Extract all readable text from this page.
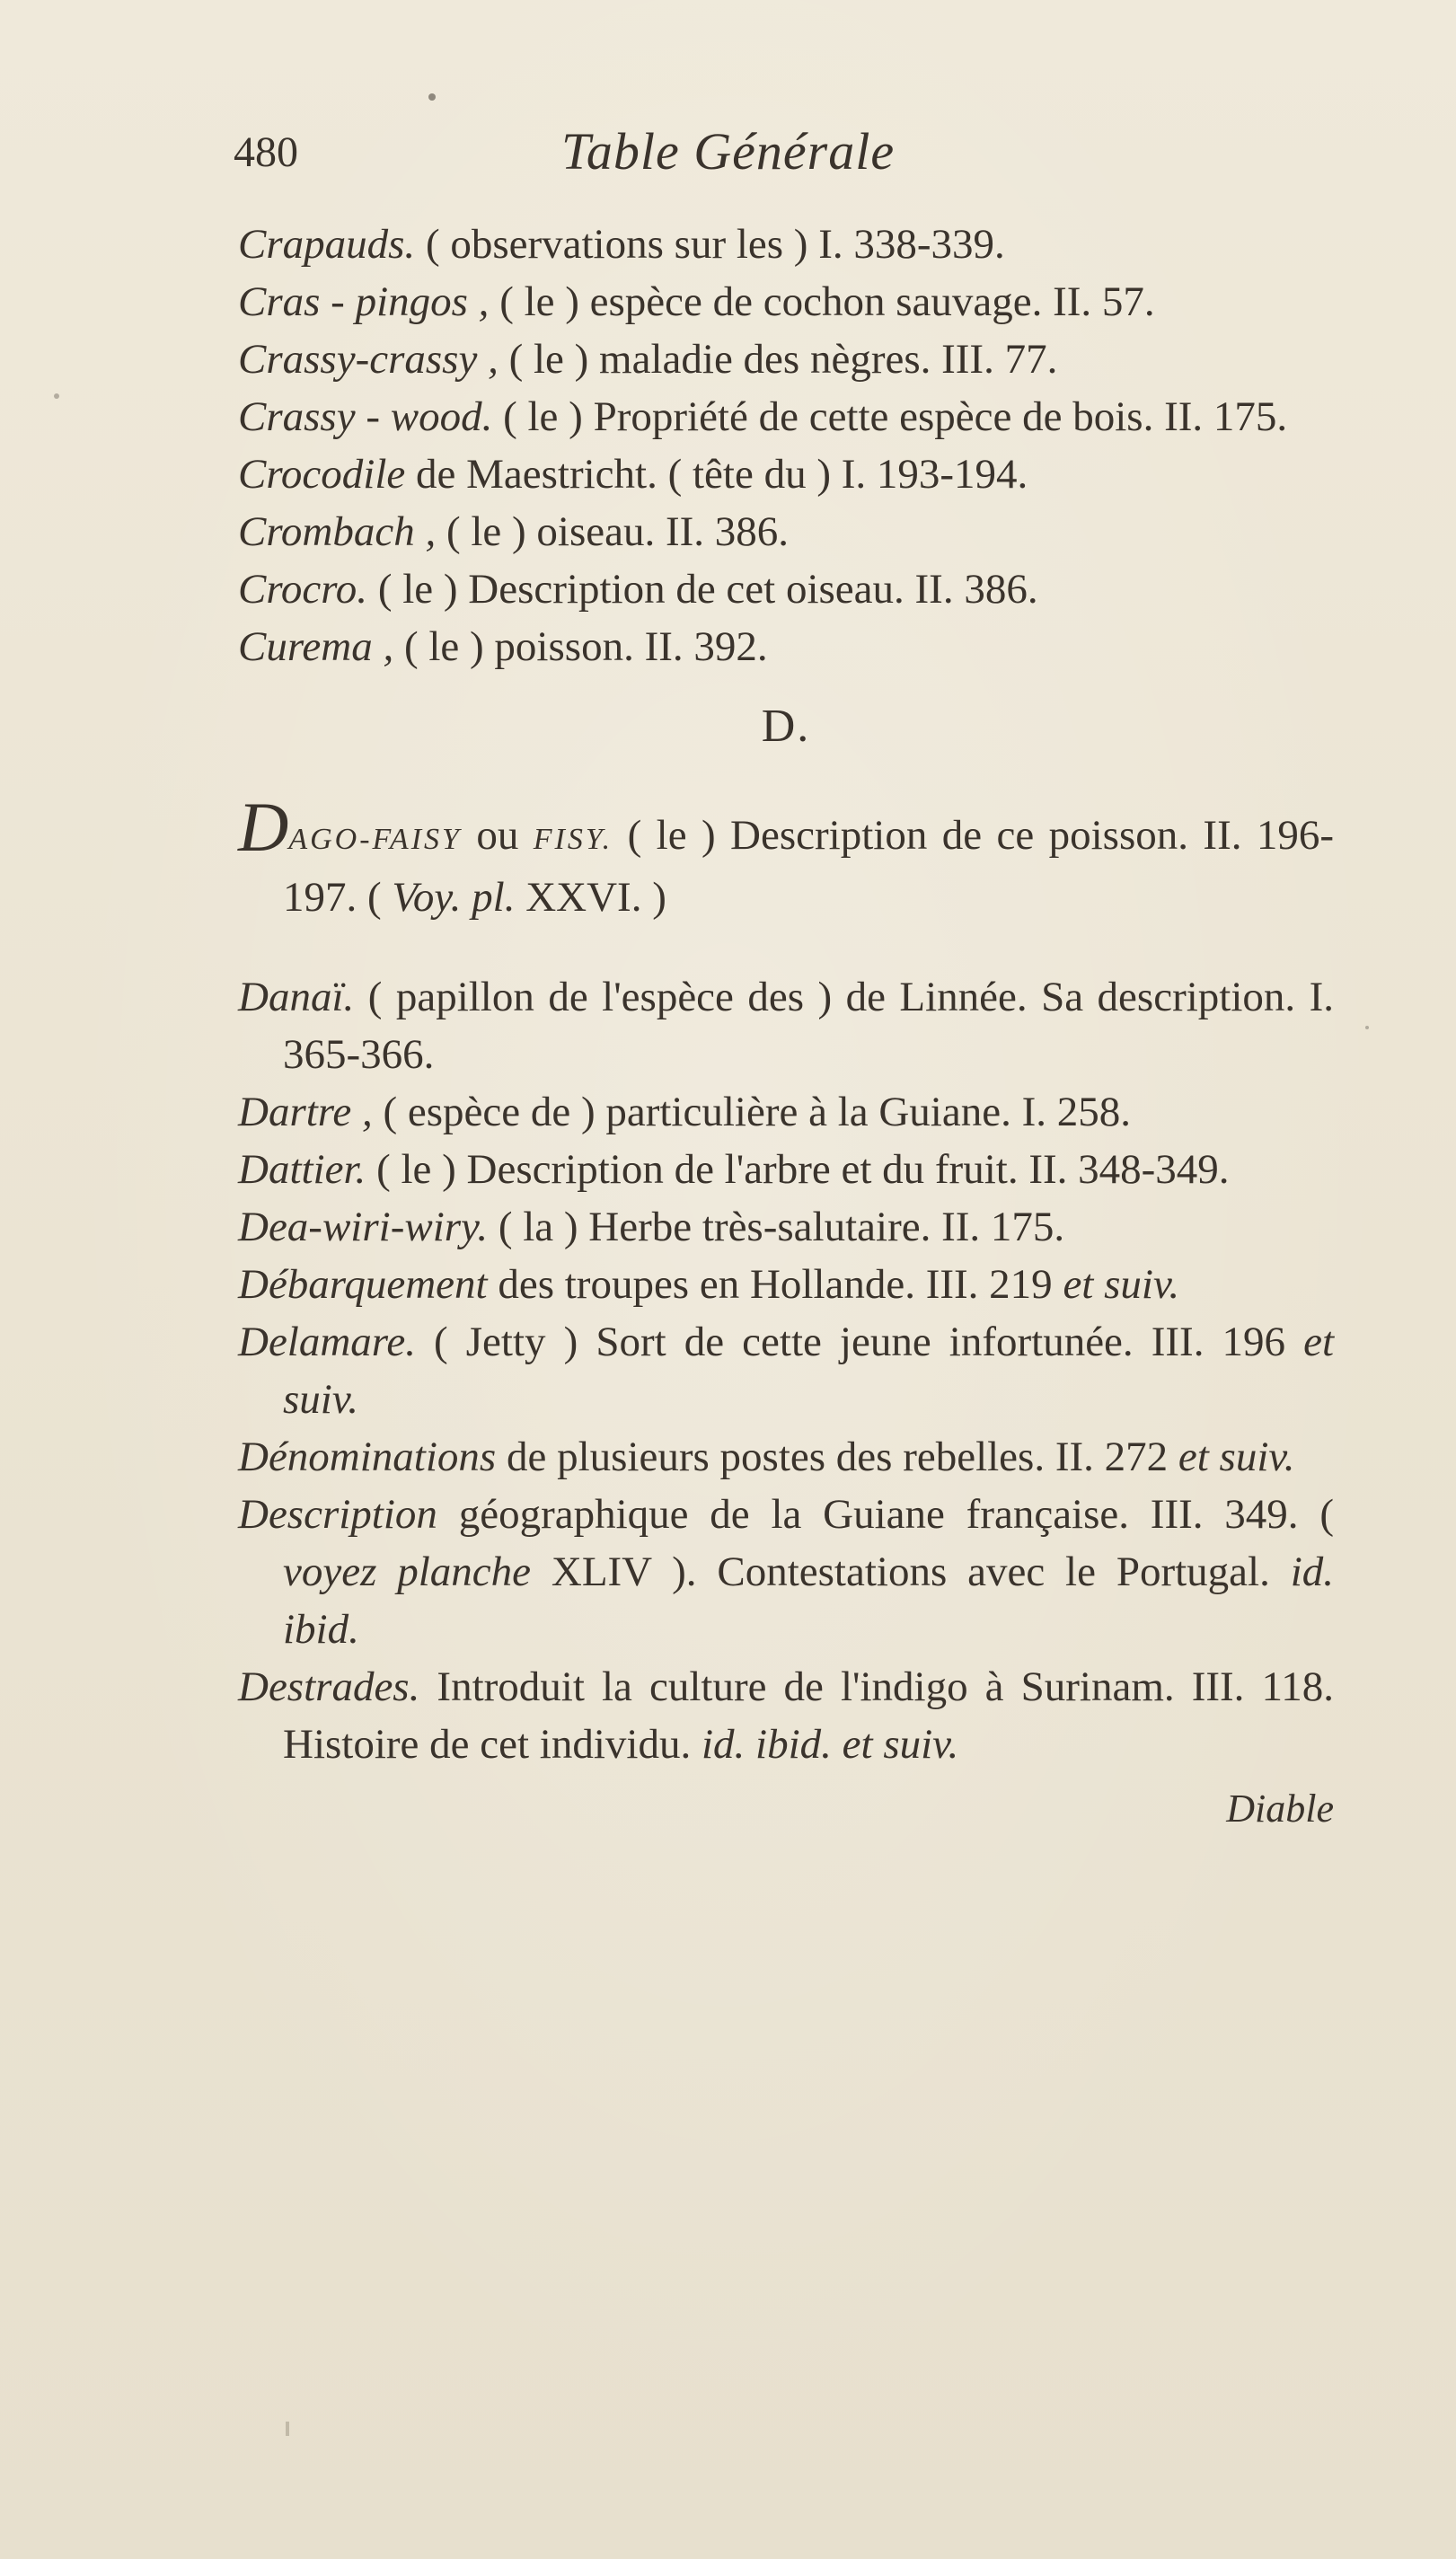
480	Table Générale

Crapauds. ( observations sur les ) I. 338-339.

Cras - pingos , ( le ) espèce de cochon sauvage. II. 57.

Crassy-crassy , ( le ) maladie des nègres. III. 77.

Crassy - wood. ( le ) Propriété de cette espèce de bois. II. 175.

Crocodile de Maestricht. ( tête du ) I. 193-194.

Crombach , ( le ) oiseau. II. 386.

Crocro. ( le ) Description de cet oiseau. II. 386.

Curema , ( le ) poisson. II. 392.

D.

DAGO-FAISY ou FISY. ( le ) Description de ce poisson. II. 196-197. ( Voy. pl. XXVI. )

Danaï. ( papillon de l'espèce des ) de Linnée. Sa description. I. 365-366.

Dartre , ( espèce de ) particulière à la Guiane. I. 258.

Dattier. ( le ) Description de l'arbre et du fruit. II. 348-349.

Dea-wiri-wiry. ( la ) Herbe très-salutaire. II. 175.

Débarquement des troupes en Hollande. III. 219 et suiv.

Delamare. ( Jetty ) Sort de cette jeune infortunée. III. 196 et suiv.

Dénominations de plusieurs postes des rebelles. II. 272 et suiv.

Description géographique de la Guiane française. III. 349. ( voyez planche XLIV ). Contestations avec le Portugal. id. ibid.

Destrades. Introduit la culture de l'indigo à Surinam. III. 118. Histoire de cet individu. id. ibid. et suiv.

Diable
